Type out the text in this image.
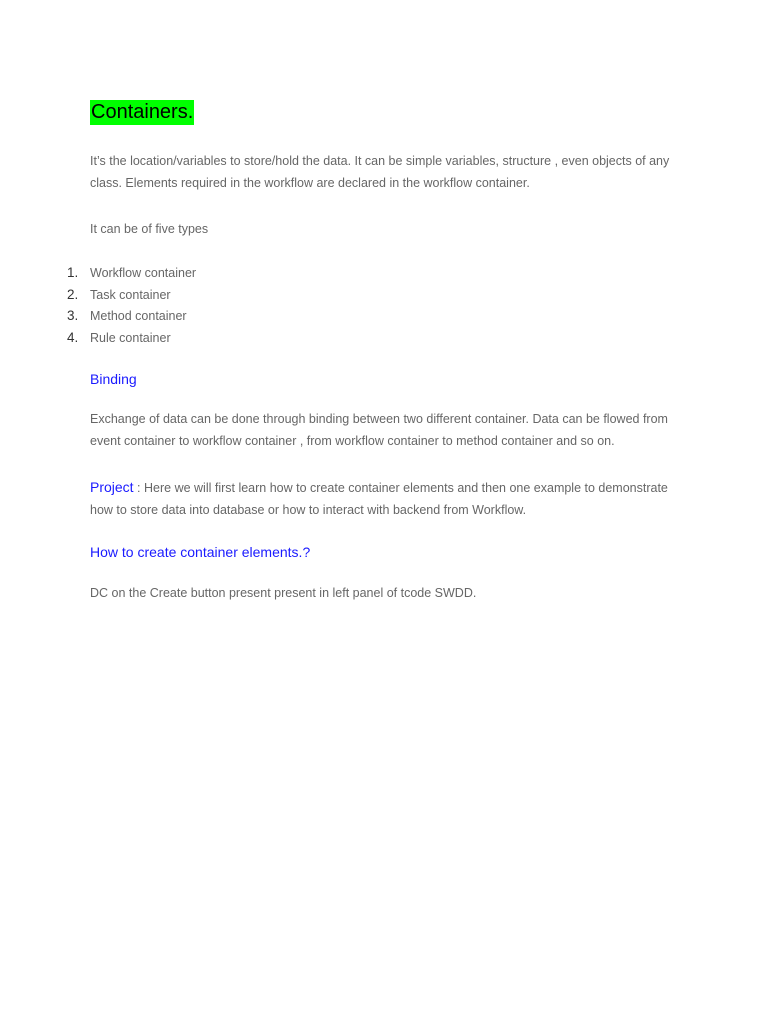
Containers.

It’s the location/variables to store/hold the data. It can be simple variables, structure , even objects of any class. Elements required in the workflow are declared in the workflow container.

It can be of five types

1. Workflow container
2. Task container
3. Method container
4. Rule container
Binding

Exchange of data can be done through binding between two different container. Data can be flowed from event container to workflow container , from workflow container to method container and so on.

Project : Here we will first learn how to create container elements and then one example to demonstrate how to store data into database or how to interact with backend from Workflow.

How to create container elements.?

DC on the Create button present present in left panel of tcode SWDD.
